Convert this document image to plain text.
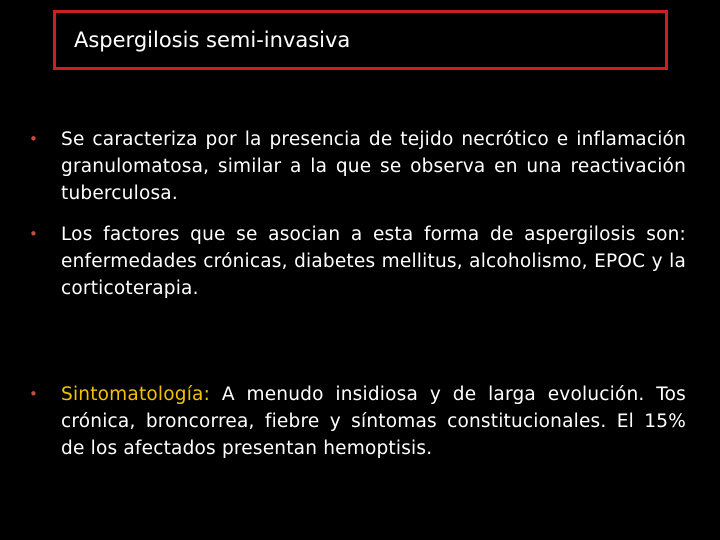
Aspergilosis semi-invasiva
• Se caracteriza por la presencia de tejido necrótico e inflamación granulomatosa, similar a la que se observa en una reactivación tuberculosa.
• Los factores que se asocian a esta forma de aspergilosis son: enfermedades crónicas, diabetes mellitus, alcoholismo, EPOC y la corticoterapia.
• Sintomatología: A menudo insidiosa y de larga evolución. Tos crónica, broncorrea, fiebre y síntomas constitucionales. El 15% de los afectados presentan hemoptisis.
